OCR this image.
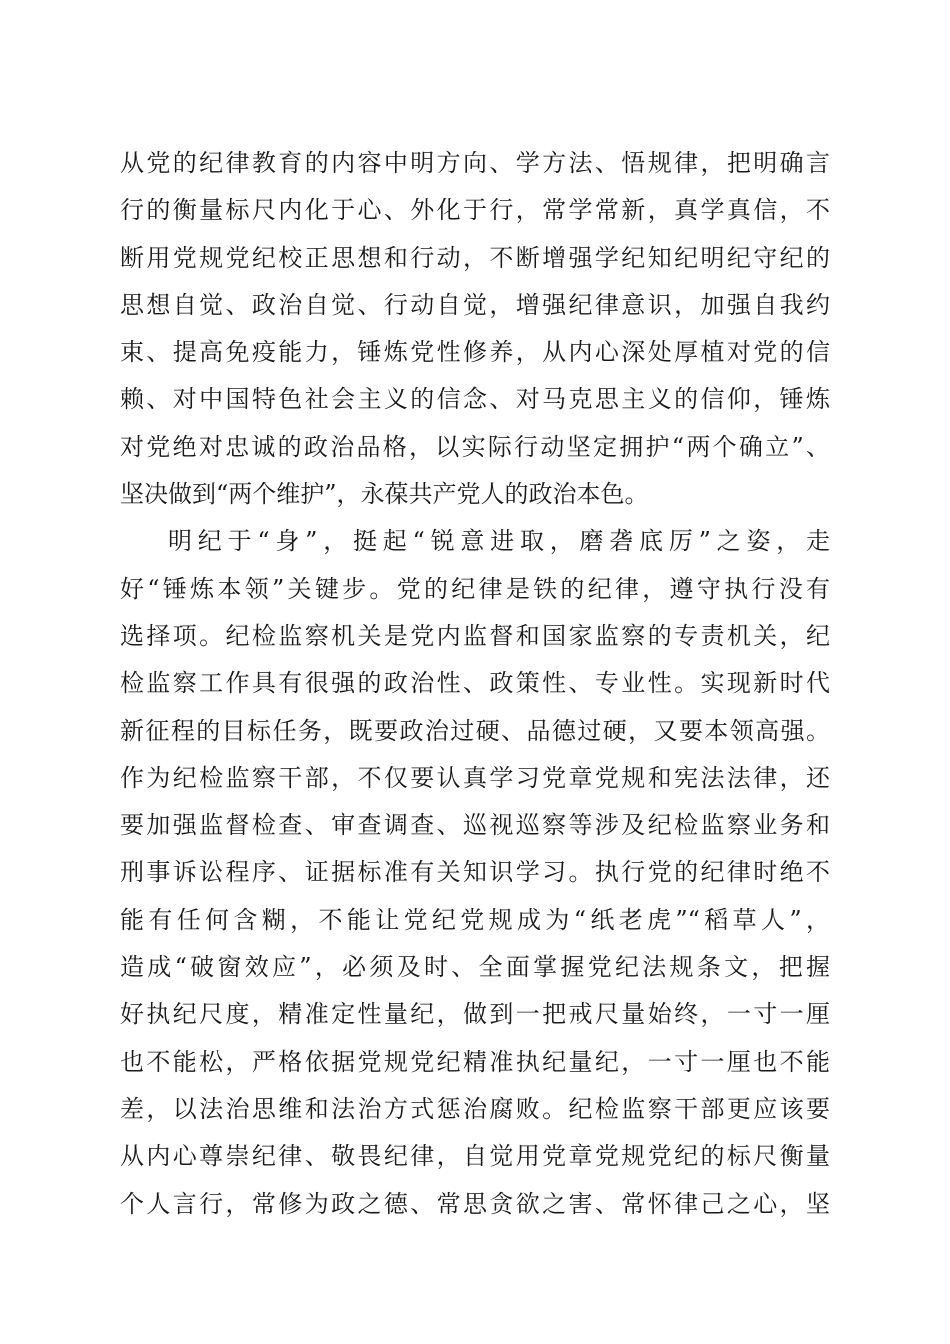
从党的纪律教育的内容中明方向、学方法、悟规律，把明确言
行的衡量标尺内化于心、外化于行，常学常新，真学真信，不
断用党规党纪校正思想和行动，不断增强学纪知纪明纪守纪的
思想自觉、政治自觉、行动自觉，增强纪律意识，加强自我约
束、提高免疫能力，锤炼党性修养，从内心深处厚植对党的信
赖、对中国特色社会主义的信念、对马克思主义的信仰，锤炼
对党绝对忠诚的政治品格，以实际行动坚定拥护“两个确立”、
坚决做到“两个维护”，永葆共产党人的政治本色。
明纪于“身”，挺起“锐意进取，磨砻底厉”之姿，走
好“锤炼本领”关键步。党的纪律是铁的纪律，遵守执行没有
选择项。纪检监察机关是党内监督和国家监察的专责机关，纪
检监察工作具有很强的政治性、政策性、专业性。实现新时代
新征程的目标任务，既要政治过硬、品德过硬，又要本领高强。
作为纪检监察干部，不仅要认真学习党章党规和宪法法律，还
要加强监督检查、审查调查、巡视巡察等涉及纪检监察业务和
刑事诉讼程序、证据标准有关知识学习。执行党的纪律时绝不
能有任何含糊，不能让党纪党规成为“纸老虎”“稻草人”，
造成“破窗效应”，必须及时、全面掌握党纪法规条文，把握
好执纪尺度，精准定性量纪，做到一把戒尺量始终，一寸一厘
也不能松，严格依据党规党纪精准执纪量纪，一寸一厘也不能
差，以法治思维和法治方式惩治腐败。纪检监察干部更应该要
从内心尊崇纪律、敬畏纪律，自觉用党章党规党纪的标尺衡量
个人言行，常修为政之德、常思贪欲之害、常怀律己之心，坚
